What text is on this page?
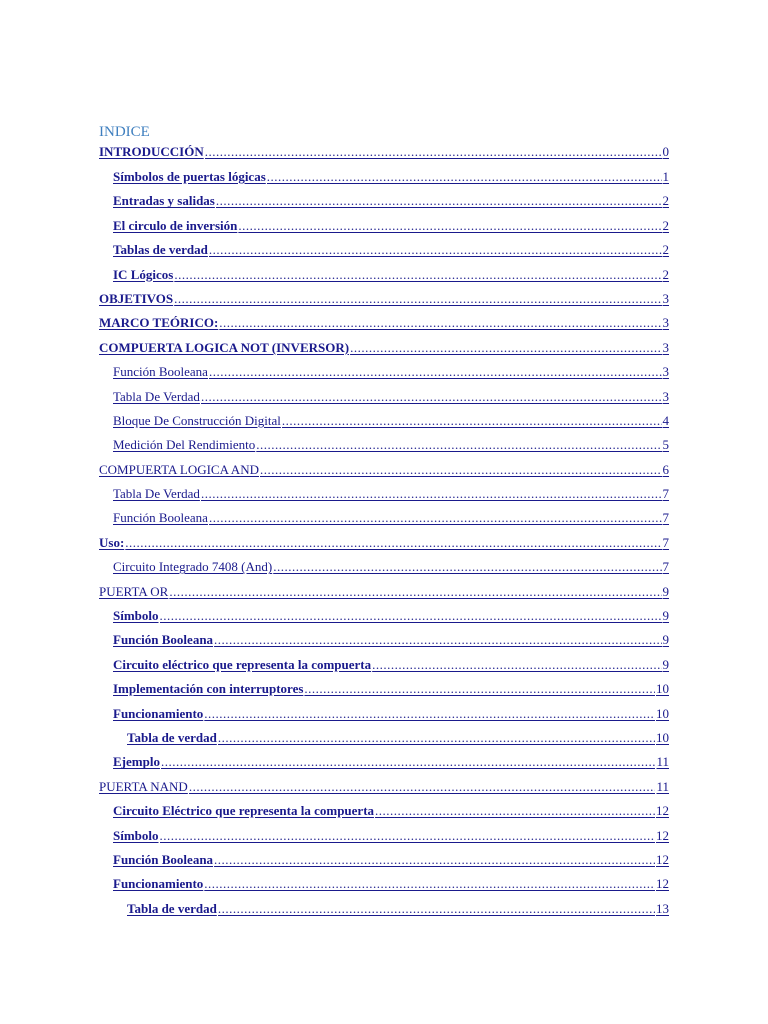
INDICE
INTRODUCCIÓN .....	0
Símbolos de puertas lógicas .....	1
Entradas y salidas .....	2
El circulo de inversión .....	2
Tablas de verdad .....	2
IC Lógicos .....	2
OBJETIVOS .....	3
MARCO TEÓRICO: .....	3
COMPUERTA LOGICA NOT (INVERSOR) .....	3
Función Booleana .....	3
Tabla De Verdad .....	3
Bloque De Construcción Digital .....	4
Medición Del Rendimiento .....	5
COMPUERTA LOGICA AND .....	6
Tabla De Verdad .....	7
Función Booleana .....	7
Uso: .....	7
Circuito Integrado 7408 (And) .....	7
PUERTA OR .....	9
Símbolo .....	9
Función Booleana .....	9
Circuito eléctrico que representa la compuerta .....	9
Implementación con interruptores .....	10
Funcionamiento .....	10
Tabla de verdad .....	10
Ejemplo .....	11
PUERTA NAND .....	11
Circuito Eléctrico que representa la compuerta .....	12
Símbolo .....	12
Función Booleana .....	12
Funcionamiento .....	12
Tabla de verdad .....	13
